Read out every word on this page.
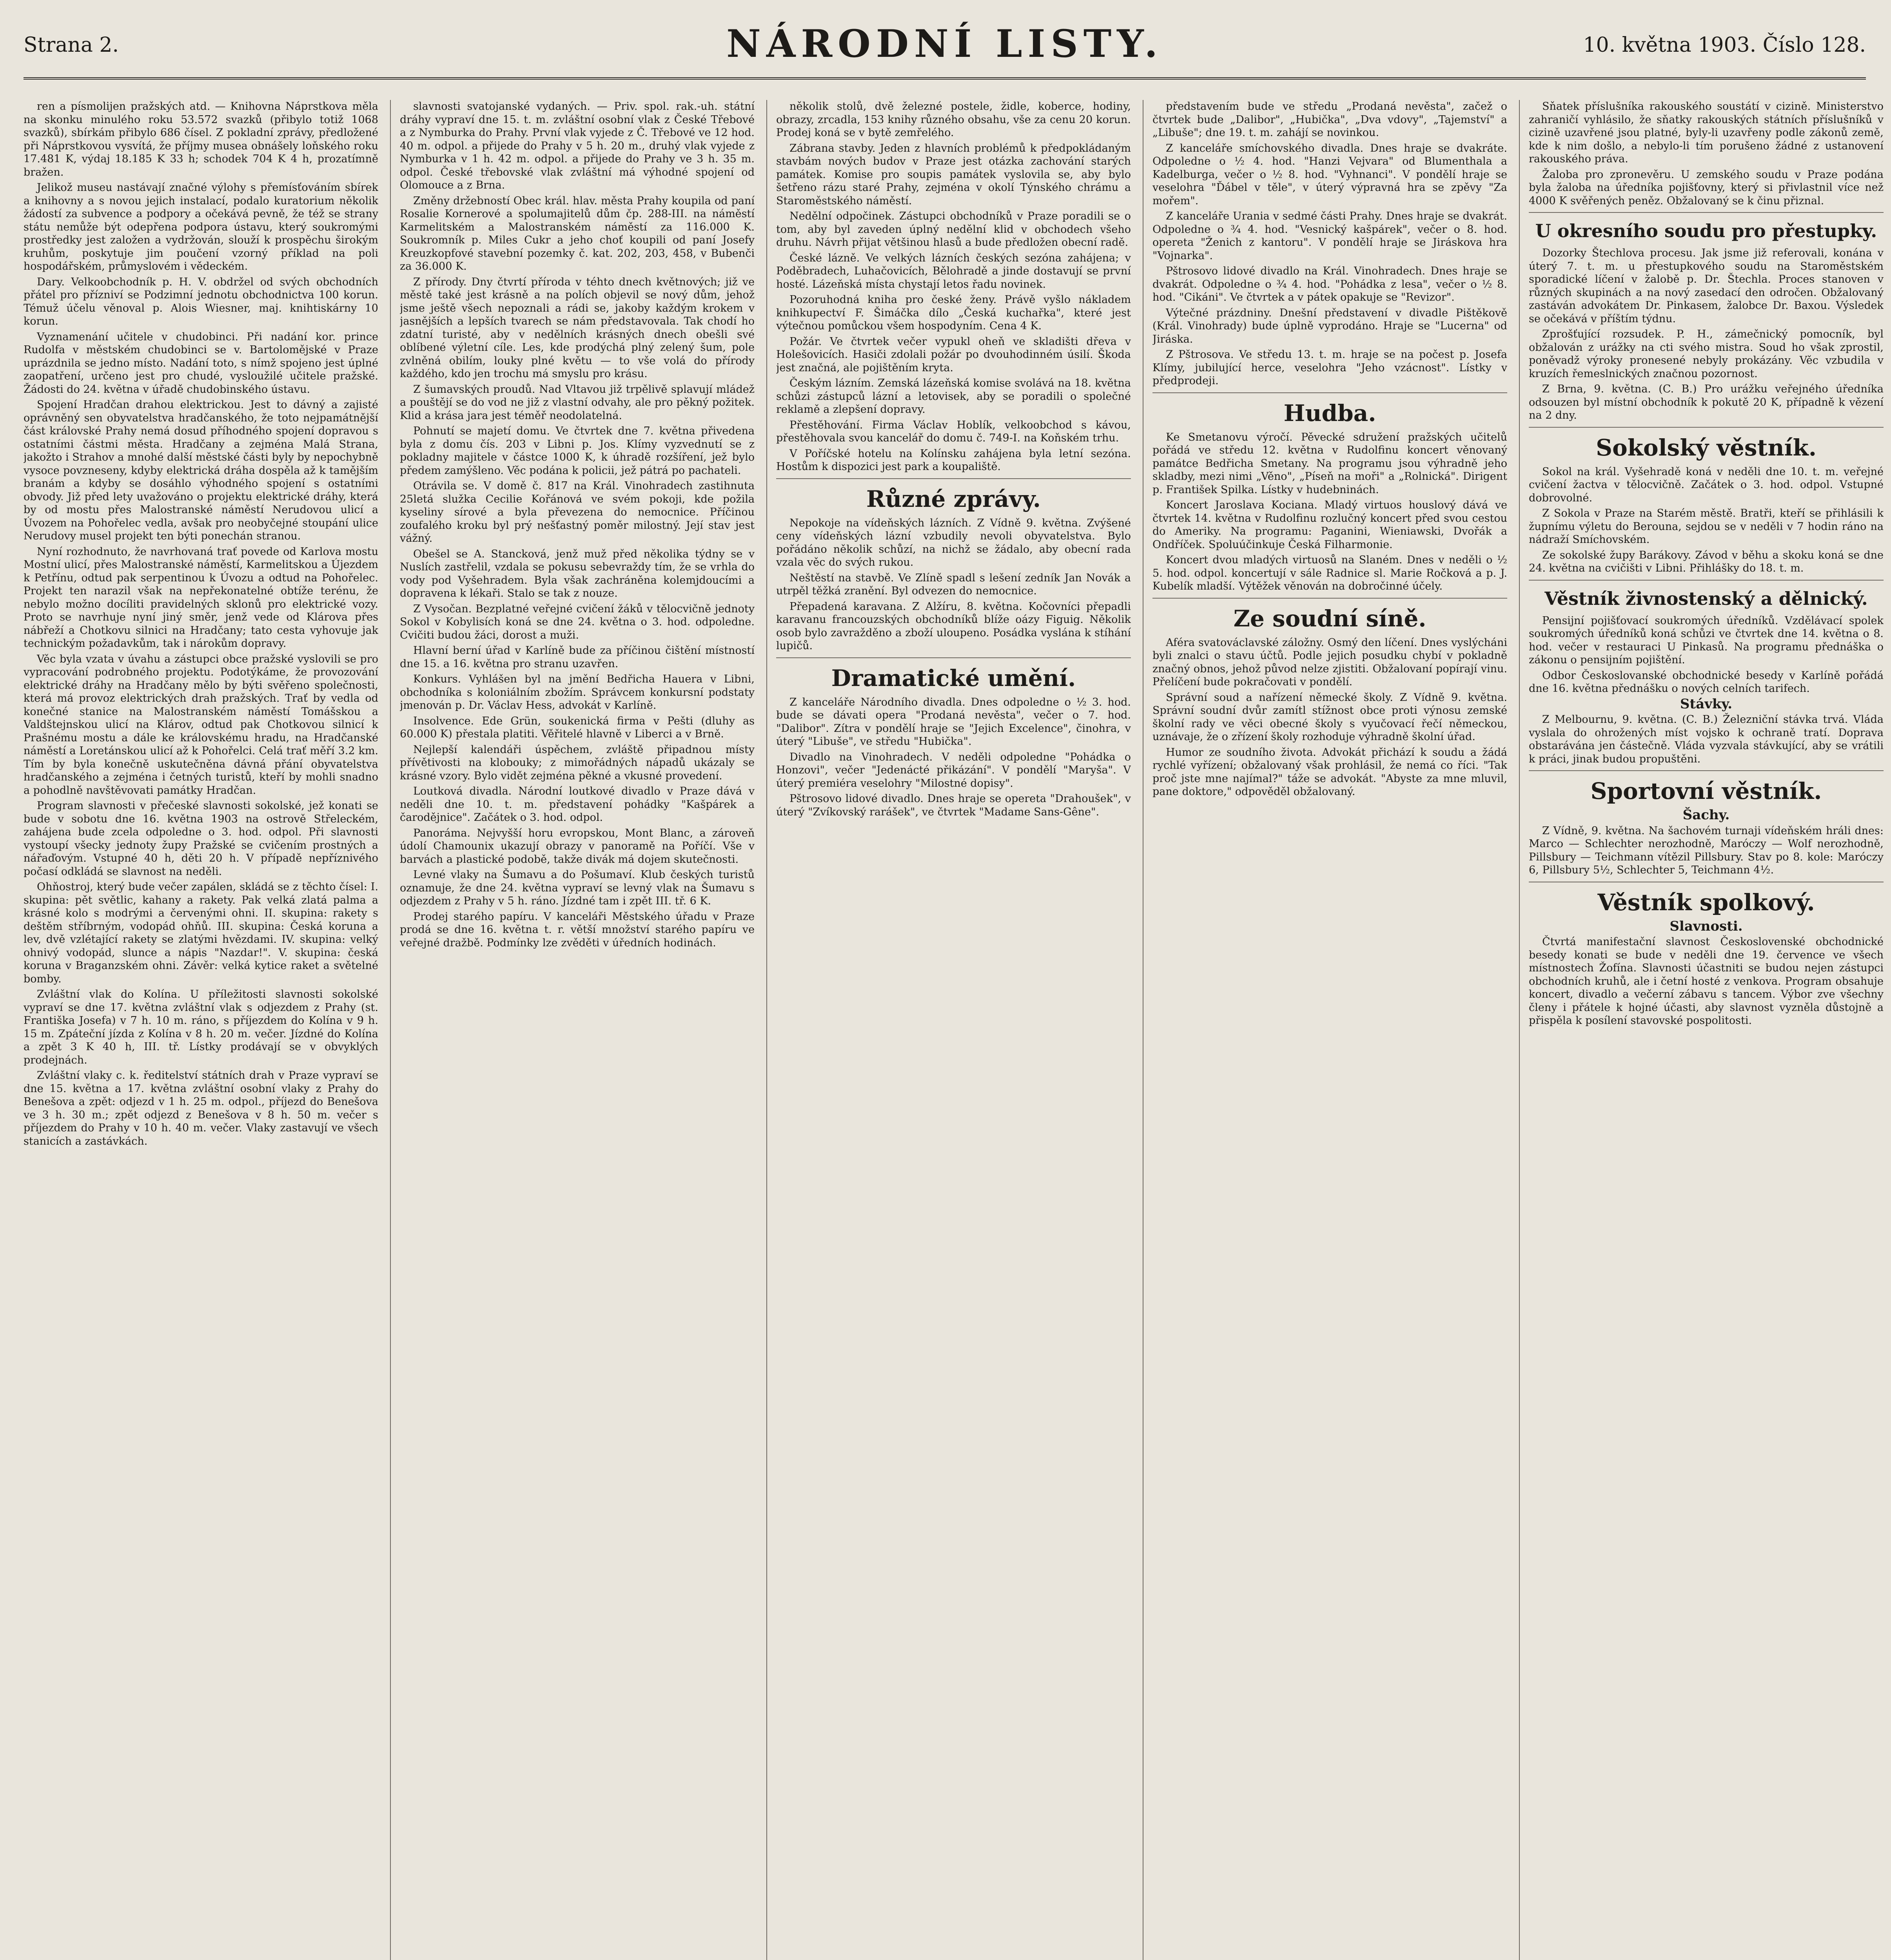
Strana 2.	NÁRODNÍ LISTY.	10. května 1903. Číslo 128.

ren a písmolijen pražských atd. — Knihovna Náprstkova měla na skonku minulého roku 53.572 svazků (přibylo totiž 1068 svazků), sbírkám přibylo 686 čísel. Z pokladní zprávy, předložené při Náprstkovou vysvítá, že příjmy musea obnášely loňského roku 17.481 K, výdaj 18.185 K 33 h; schodek 704 K 4 h, prozatímně bražen.

Jelikož museu nastávají značné výlohy s přemísťováním sbírek a knihovny a s novou jejich instalací, podalo kuratorium několik žádostí za subvence a podpory a očekává pevně, že též se strany státu nemůže být odepřena podpora ústavu, který soukromými prostředky jest založen a vydržován, slouží k prospěchu širokým kruhům, poskytuje jim poučení vzorný příklad na poli hospodářském, průmyslovém i vědeckém.

Dary. Velkoobchodník p. H. V. obdržel od svých obchodních přátel pro přízniví se Podzimní jednotu obchodnictva 100 korun. Témuž účelu věnoval p. Alois Wiesner, maj. knihtiskárny 10 korun.

Vyznamenání učitele v chudobinci. Při nadání kor. prince Rudolfa v městském chudobinci se v. Bartolomějské v Praze uprázdnila se jedno místo. Nadání toto, s nímž spojeno jest úplné zaopatření, určeno jest pro chudé, vysloužilé učitele pražské. Žádosti do 24. května v úřadě chudobinského ústavu.

Spojení Hradčan drahou elektrickou. Jest to dávný a zajisté oprávněný sen obyvatelstva hradčanského, že toto nejpamátnější část královské Prahy nemá dosud příhodného spojení dopravou s ostatními částmi města. Hradčany a zejména Malá Strana, jakožto i Strahov a mnohé další městské části byly by nepochybně vysoce povzneseny, kdyby elektrická dráha dospěla až k tamějším branám a kdyby se dosáhlo výhodného spojení s ostatními obvody. Již před lety uvažováno o projektu elektrické dráhy, která by od mostu přes Malostranské náměstí Nerudovou ulicí a Úvozem na Pohořelec vedla, avšak pro neobyčejné stoupání ulice Nerudovy musel projekt ten býti ponechán stranou.

Nyní rozhodnuto, že navrhovaná trať povede od Karlova mostu Mostní ulicí, přes Malostranské náměstí, Karmelitskou a Újezdem k Petřínu, odtud pak serpentinou k Úvozu a odtud na Pohořelec. Projekt ten narazil však na nepřekonatelné obtíže terénu, že nebylo možno docíliti pravidelných sklonů pro elektrické vozy. Proto se navrhuje nyní jiný směr, jenž vede od Klárova přes nábřeží a Chotkovu silnici na Hradčany; tato cesta vyhovuje jak technickým požadavkům, tak i nárokům dopravy.

Věc byla vzata v úvahu a zástupci obce pražské vyslovili se pro vypracování podrobného projektu. Podotýkáme, že provozování elektrické dráhy na Hradčany mělo by býti svěřeno společnosti, která má provoz elektrických drah pražských. Trať by vedla od konečné stanice na Malostranském náměstí Tomášskou a Valdštejnskou ulicí na Klárov, odtud pak Chotkovou silnicí k Prašnému mostu a dále ke královskému hradu, na Hradčanské náměstí a Loretánskou ulicí až k Pohořelci. Celá trať měří 3.2 km. Tím by byla konečně uskutečněna dávná přání obyvatelstva hradčanského a zejména i četných turistů, kteří by mohli snadno a pohodlně navštěvovati památky Hradčan.

Program slavnosti v přečeské slavnosti sokolské, jež konati se bude v sobotu dne 16. května 1903 na ostrově Střeleckém, zahájena bude zcela odpoledne o 3. hod. odpol. Při slavnosti vystoupí všecky jednoty župy Pražské se cvičením prostných a nářaďovým. Vstupné 40 h, děti 20 h. V případě nepříznivého počasí odkládá se slavnost na neděli.

Ohňostroj, který bude večer zapálen, skládá se z těchto čísel: I. skupina: pět světlic, kahany a rakety. Pak velká zlatá palma a krásné kolo s modrými a červenými ohni. II. skupina: rakety s deštěm stříbrným, vodopád ohňů. III. skupina: Česká koruna a lev, dvě vzlétající rakety se zlatými hvězdami. IV. skupina: velký ohnivý vodopád, slunce a nápis "Nazdar!". V. skupina: česká koruna v Braganzském ohni. Závěr: velká kytice raket a světelné bomby.

Zvláštní vlak do Kolína. U příležitosti slavnosti sokolské vypraví se dne 17. května zvláštní vlak s odjezdem z Prahy (st. Františka Josefa) v 7 h. 10 m. ráno, s příjezdem do Kolína v 9 h. 15 m. Zpáteční jízda z Kolína v 8 h. 20 m. večer. Jízdné do Kolína a zpět 3 K 40 h, III. tř. Lístky prodávají se v obvyklých prodejnách.

Zvláštní vlaky c. k. ředitelství státních drah v Praze vypraví se dne 15. května a 17. května zvláštní osobní vlaky z Prahy do Benešova a zpět: odjezd v 1 h. 25 m. odpol., příjezd do Benešova ve 3 h. 30 m.; zpět odjezd z Benešova v 8 h. 50 m. večer s příjezdem do Prahy v 10 h. 40 m. večer. Vlaky zastavují ve všech stanicích a zastávkách.

slavnosti svatojanské vydaných. — Priv. spol. rak.-uh. státní dráhy vypraví dne 15. t. m. zvláštní osobní vlak z České Třebové a z Nymburka do Prahy. První vlak vyjede z Č. Třebové ve 12 hod. 40 m. odpol. a přijede do Prahy v 5 h. 20 m., druhý vlak vyjede z Nymburka v 1 h. 42 m. odpol. a přijede do Prahy ve 3 h. 35 m. odpol. České třebovské vlak zvláštní má výhodné spojení od Olomouce a z Brna.

Změny držebností Obec král. hlav. města Prahy koupila od paní Rosalie Kornerové a spolumajitelů dům čp. 288-III. na náměstí Karmelitském a Malostranském náměstí za 116.000 K. Soukromník p. Miles Cukr a jeho choť koupili od paní Josefy Kreuzkopfové stavební pozemky č. kat. 202, 203, 458, v Bubenči za 36.000 K.

Z přírody. Dny čtvrtí příroda v téhto dnech květnových; již ve městě také jest krásně a na polích objevil se nový dům, jehož jsme ještě všech nepoznali a rádi se, jakoby každým krokem v jasnějších a lepších tvarech se nám představovala. Tak chodí ho zdatní turisté, aby v nedělních krásných dnech obešli své oblíbené výletní cíle. Les, kde prodýchá plný zelený šum, pole zvlněná obilím, louky plné květu — to vše volá do přírody každého, kdo jen trochu má smyslu pro krásu.

Z šumavských proudů. Nad Vltavou již trpělivě splavují mládež a pouštějí se do vod ne již z vlastní odvahy, ale pro pěkný požitek. Klid a krása jara jest téměř neodolatelná.

Pohnutí se majetí domu. Ve čtvrtek dne 7. května přivedena byla z domu čís. 203 v Libni p. Jos. Klímy vyzvednutí se z pokladny majitele v částce 1000 K, k úhradě rozšíření, jež bylo předem zamýšleno. Věc podána k policii, jež pátrá po pachateli.

Otrávila se. V domě č. 817 na Král. Vinohradech zastihnuta 25letá služka Cecilie Kořánová ve svém pokoji, kde požila kyseliny sírové a byla převezena do nemocnice. Příčinou zoufalého kroku byl prý nešťastný poměr milostný. Její stav jest vážný.

Obešel se A. Stancková, jenž muž před několika týdny se v Nuslích zastřelil, vzdala se pokusu sebevraždy tím, že se vrhla do vody pod Vyšehradem. Byla však zachráněna kolemjdoucími a dopravena k lékaři. Stalo se tak z nouze.

Z Vysočan. Bezplatné veřejné cvičení žáků v tělocvičně jednoty Sokol v Kobylisích koná se dne 24. května o 3. hod. odpoledne. Cvičiti budou žáci, dorost a muži.

Hlavní berní úřad v Karlíně bude za příčinou čištění místností dne 15. a 16. května pro stranu uzavřen.

Konkurs. Vyhlášen byl na jmění Bedřicha Hauera v Libni, obchodníka s koloniálním zbožím. Správcem konkursní podstaty jmenován p. Dr. Václav Hess, advokát v Karlíně.

Insolvence. Ede Grün, soukenická firma v Pešti (dluhy as 60.000 K) přestala platiti. Věřitelé hlavně v Liberci a v Brně.

Nejlepší kalendáři úspěchem, zvláště připadnou místy přívětivosti na klobouky; z mimořádných nápadů ukázaly se krásné vzory. Bylo vidět zejména pěkné a vkusné provedení.

Loutková divadla. Národní loutkové divadlo v Praze dává v neděli dne 10. t. m. představení pohádky "Kašpárek a čarodějnice". Začátek o 3. hod. odpol.

Panoráma. Nejvyšší horu evropskou, Mont Blanc, a zároveň údolí Chamounix ukazují obrazy v panoramě na Poříčí. Vše v barvách a plastické podobě, takže divák má dojem skutečnosti.

Levné vlaky na Šumavu a do Pošumaví. Klub českých turistů oznamuje, že dne 24. května vypraví se levný vlak na Šumavu s odjezdem z Prahy v 5 h. ráno. Jízdné tam i zpět III. tř. 6 K.

Prodej starého papíru. V kanceláři Městského úřadu v Praze prodá se dne 16. května t. r. větší množství starého papíru ve veřejné dražbě. Podmínky lze zvěděti v úředních hodinách.

několik stolů, dvě železné postele, židle, koberce, hodiny, obrazy, zrcadla, 153 knihy různého obsahu, vše za cenu 20 korun. Prodej koná se v bytě zemřelého.

Zábrana stavby. Jeden z hlavních problémů k předpokládaným stavbám nových budov v Praze jest otázka zachování starých památek. Komise pro soupis památek vyslovila se, aby bylo šetřeno rázu staré Prahy, zejména v okolí Týnského chrámu a Staroměstského náměstí.

Nedělní odpočinek. Zástupci obchodníků v Praze poradili se o tom, aby byl zaveden úplný nedělní klid v obchodech všeho druhu. Návrh přijat většinou hlasů a bude předložen obecní radě.

České lázně. Ve velkých lázních českých sezóna zahájena; v Poděbradech, Luhačovicích, Bělohradě a jinde dostavují se první hosté. Lázeňská místa chystají letos řadu novinek.

Pozoruhodná kniha pro české ženy. Právě vyšlo nákladem knihkupectví F. Šimáčka dílo „Česká kuchařka", které jest výtečnou pomůckou všem hospodyním. Cena 4 K.

Požár. Ve čtvrtek večer vypukl oheň ve skladišti dřeva v Holešovicích. Hasiči zdolali požár po dvouhodinném úsilí. Škoda jest značná, ale pojištěním kryta.

Českým lázním. Zemská lázeňská komise svolává na 18. května schůzi zástupců lázní a letovisek, aby se poradili o společné reklamě a zlepšení dopravy.

Přestěhování. Firma Václav Hoblík, velkoobchod s kávou, přestěhovala svou kancelář do domu č. 749-I. na Koňském trhu.

V Poříčské hotelu na Kolínsku zahájena byla letní sezóna. Hostům k dispozici jest park a koupaliště.

Různé zprávy.

Nepokoje na vídeňských lázních. Z Vídně 9. května. Zvýšené ceny vídeňských lázní vzbudily nevoli obyvatelstva. Bylo pořádáno několik schůzí, na nichž se žádalo, aby obecní rada vzala věc do svých rukou.

Neštěstí na stavbě. Ve Zlíně spadl s lešení zedník Jan Novák a utrpěl těžká zranění. Byl odvezen do nemocnice.

Přepadená karavana. Z Alžíru, 8. května. Kočovníci přepadli karavanu francouzských obchodníků blíže oázy Figuig. Několik osob bylo zavražděno a zboží uloupeno. Posádka vyslána k stíhání lupičů.

Dramatické umění.

Z kanceláře Národního divadla. Dnes odpoledne o ½ 3. hod. bude se dávati opera "Prodaná nevěsta", večer o 7. hod. "Dalibor". Zítra v pondělí hraje se "Jejich Excelence", činohra, v úterý "Libuše", ve středu "Hubička".

Divadlo na Vinohradech. V neděli odpoledne "Pohádka o Honzovi", večer "Jedenácté přikázání". V pondělí "Maryša". V úterý premiéra veselohry "Milostné dopisy".

Pštrosovo lidové divadlo. Dnes hraje se opereta "Drahoušek", v úterý "Zvíkovský rarášek", ve čtvrtek "Madame Sans-Gêne".

představením bude ve středu „Prodaná nevěsta", začež o čtvrtek bude „Dalibor", „Hubička", „Dva vdovy", „Tajemství" a „Libuše"; dne 19. t. m. zahájí se novinkou.

Z kanceláře smíchovského divadla. Dnes hraje se dvakráte. Odpoledne o ½ 4. hod. "Hanzi Vejvara" od Blumenthala a Kadelburga, večer o ½ 8. hod. "Vyhnanci". V pondělí hraje se veselohra "Ďábel v těle", v úterý výpravná hra se zpěvy "Za mořem".

Z kanceláře Urania v sedmé části Prahy. Dnes hraje se dvakrát. Odpoledne o ¾ 4. hod. "Vesnický kašpárek", večer o 8. hod. opereta "Ženich z kantoru". V pondělí hraje se Jiráskova hra "Vojnarka".

Pštrosovo lidové divadlo na Král. Vinohradech. Dnes hraje se dvakrát. Odpoledne o ¾ 4. hod. "Pohádka z lesa", večer o ½ 8. hod. "Cikáni". Ve čtvrtek a v pátek opakuje se "Revizor".

Výtečné prázdniny. Dnešní představení v divadle Pištěkově (Král. Vinohrady) bude úplně vyprodáno. Hraje se "Lucerna" od Jiráska.

Z Pštrosova. Ve středu 13. t. m. hraje se na počest p. Josefa Klímy, jubilující herce, veselohra "Jeho vzácnost". Lístky v předprodeji.

Hudba.

Ke Smetanovu výročí. Pěvecké sdružení pražských učitelů pořádá ve středu 12. května v Rudolfinu koncert věnovaný památce Bedřicha Smetany. Na programu jsou výhradně jeho skladby, mezi nimi „Věno", „Píseň na moři" a „Rolnická". Dirigent p. František Spilka. Lístky v hudebninách.

Koncert Jaroslava Kociana. Mladý virtuos houslový dává ve čtvrtek 14. května v Rudolfinu rozlučný koncert před svou cestou do Ameriky. Na programu: Paganini, Wieniawski, Dvořák a Ondříček. Spoluúčinkuje Česká Filharmonie.

Koncert dvou mladých virtuosů na Slaném. Dnes v neděli o ½ 5. hod. odpol. koncertují v sále Radnice sl. Marie Ročková a p. J. Kubelík mladší. Výtěžek věnován na dobročinné účely.

Ze soudní síně.

Aféra svatováclavské záložny. Osmý den líčení. Dnes vyslýcháni byli znalci o stavu účtů. Podle jejich posudku chybí v pokladně značný obnos, jehož původ nelze zjistiti. Obžalovaní popírají vinu. Přelíčení bude pokračovati v pondělí.

Správní soud a nařízení německé školy. Z Vídně 9. května. Správní soudní dvůr zamítl stížnost obce proti výnosu zemské školní rady ve věci obecné školy s vyučovací řečí německou, uznávaje, že o zřízení školy rozhoduje výhradně školní úřad.

Humor ze soudního života. Advokát přichází k soudu a žádá rychlé vyřízení; obžalovaný však prohlásil, že nemá co říci. "Tak proč jste mne najímal?" táže se advokát. "Abyste za mne mluvil, pane doktore," odpověděl obžalovaný.

Sňatek příslušníka rakouského soustátí v cizině. Ministerstvo zahraničí vyhlásilo, že sňatky rakouských státních příslušníků v cizině uzavřené jsou platné, byly-li uzavřeny podle zákonů země, kde k nim došlo, a nebylo-li tím porušeno žádné z ustanovení rakouského práva.

Žaloba pro zpronevěru. U zemského soudu v Praze podána byla žaloba na úředníka pojišťovny, který si přivlastnil více než 4000 K svěřených peněz. Obžalovaný se k činu přiznal.

U okresního soudu pro přestupky.

Dozorky Štechlova procesu. Jak jsme již referovali, konána v úterý 7. t. m. u přestupkového soudu na Staroměstském sporadické líčení v žalobě p. Dr. Štechla. Proces stanoven v různých skupinách a na nový zasedací den odročen. Obžalovaný zastáván advokátem Dr. Pinkasem, žalobce Dr. Baxou. Výsledek se očekává v příštím týdnu.

Zprošťující rozsudek. P. H., zámečnický pomocník, byl obžalován z urážky na cti svého mistra. Soud ho však zprostil, poněvadž výroky pronesené nebyly prokázány. Věc vzbudila v kruzích řemeslnických značnou pozornost.

Z Brna, 9. května. (C. B.) Pro urážku veřejného úředníka odsouzen byl místní obchodník k pokutě 20 K, případně k vězení na 2 dny.

Sokolský věstník.

Sokol na král. Vyšehradě koná v neděli dne 10. t. m. veřejné cvičení žactva v tělocvičně. Začátek o 3. hod. odpol. Vstupné dobrovolné.

Z Sokola v Praze na Starém městě. Bratři, kteří se přihlásili k župnímu výletu do Berouna, sejdou se v neděli v 7 hodin ráno na nádraží Smíchovském.

Ze sokolské župy Barákovy. Závod v běhu a skoku koná se dne 24. května na cvičišti v Libni. Přihlášky do 18. t. m.

Věstník živnostenský a dělnický.

Pensijní pojišťovací soukromých úředníků. Vzdělávací spolek soukromých úředníků koná schůzi ve čtvrtek dne 14. května o 8. hod. večer v restauraci U Pinkasů. Na programu přednáška o zákonu o pensijním pojištění.

Odbor Českoslovanské obchodnické besedy v Karlíně pořádá dne 16. května přednášku o nových celních tarifech.

Stávky.

Z Melbournu, 9. května. (C. B.) Železniční stávka trvá. Vláda vyslala do ohrožených míst vojsko k ochraně tratí. Doprava obstarávána jen částečně. Vláda vyzvala stávkující, aby se vrátili k práci, jinak budou propuštěni.

Sportovní věstník.
Šachy.

Z Vídně, 9. května. Na šachovém turnaji vídeňském hráli dnes: Marco — Schlechter nerozhodně, Maróczy — Wolf nerozhodně, Pillsbury — Teichmann vítězil Pillsbury. Stav po 8. kole: Maróczy 6, Pillsbury 5½, Schlechter 5, Teichmann 4½.

Věstník spolkový.
Slavnosti.

Čtvrtá manifestační slavnost Československé obchodnické besedy konati se bude v neděli dne 19. července ve všech místnostech Žofína. Slavnosti účastniti se budou nejen zástupci obchodních kruhů, ale i četní hosté z venkova. Program obsahuje koncert, divadlo a večerní zábavu s tancem. Výbor zve všechny členy i přátele k hojné účasti, aby slavnost vyzněla důstojně a přispěla k posílení stavovské pospolitosti.
